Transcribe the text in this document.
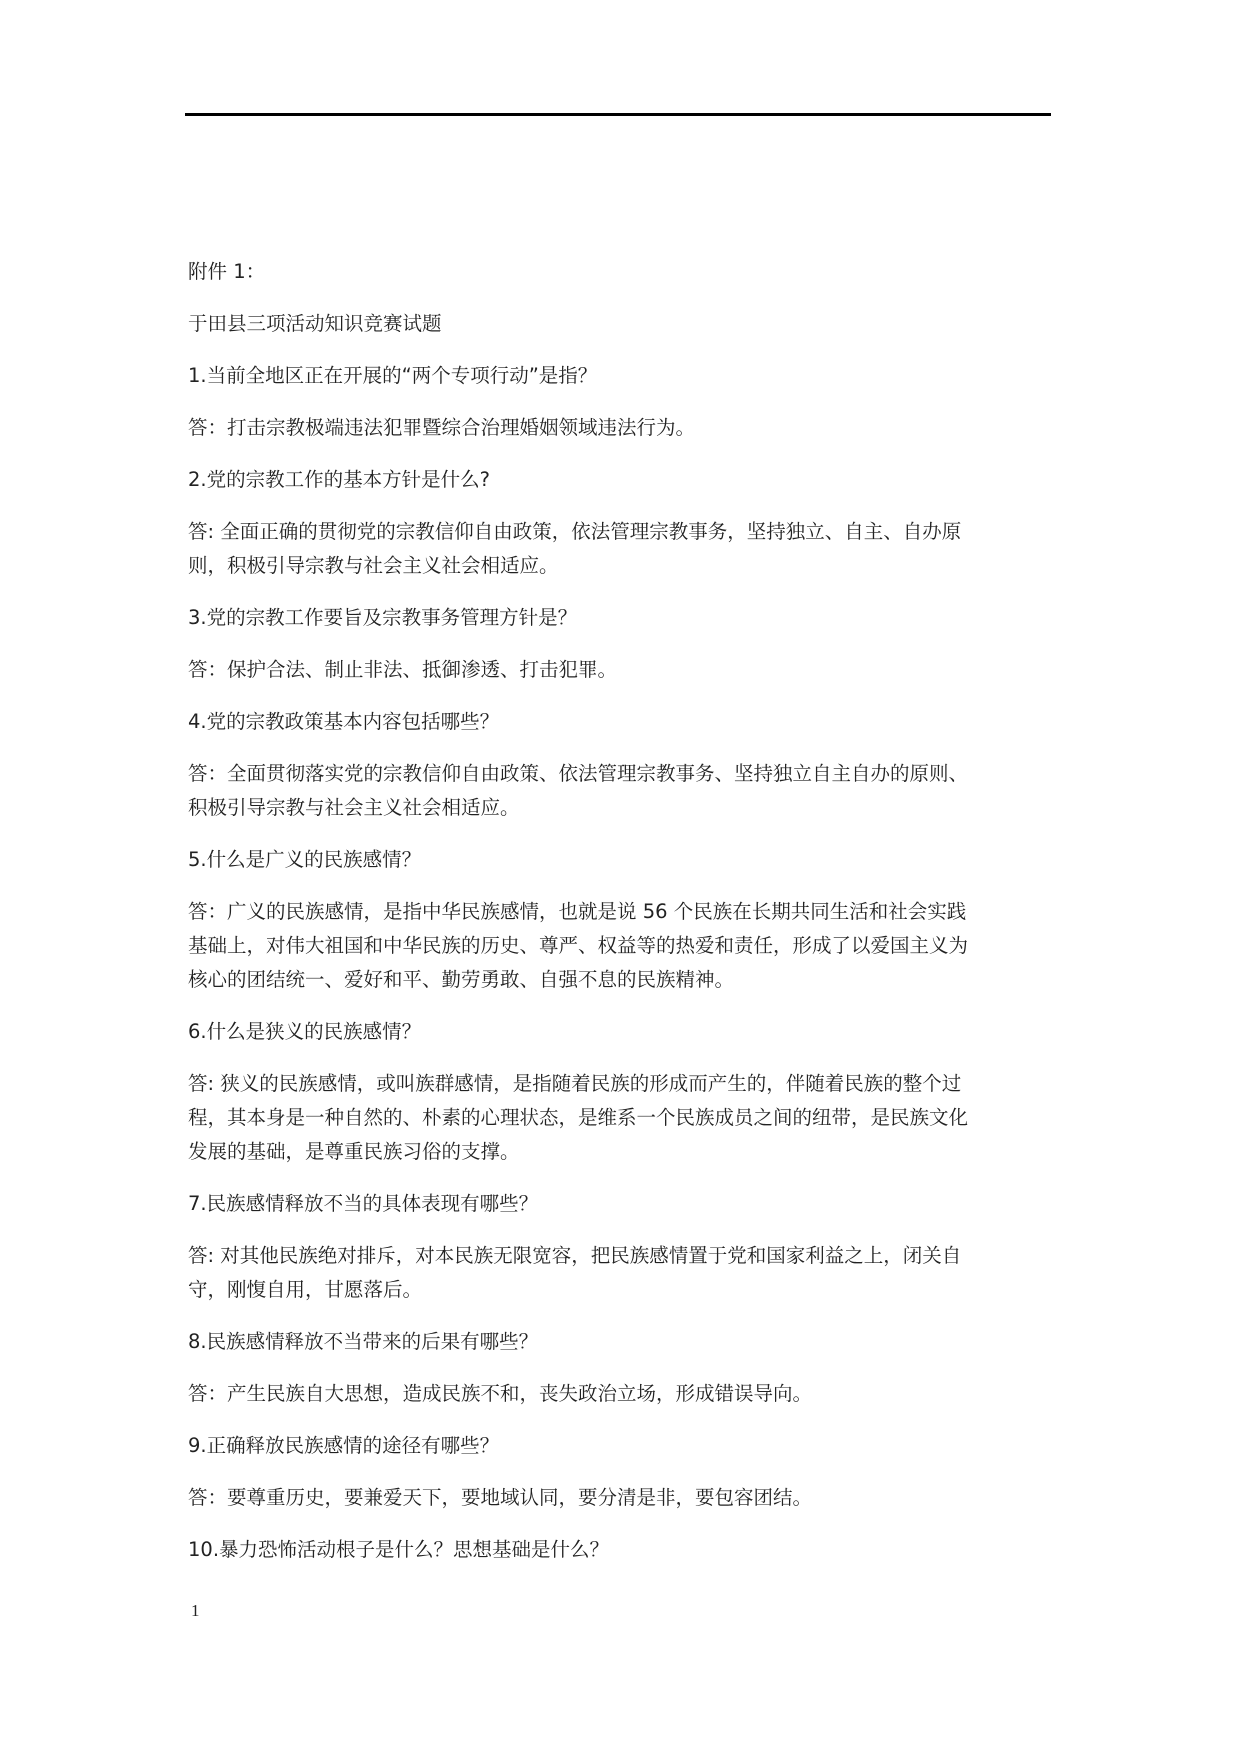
附件 1：
于田县三项活动知识竞赛试题

1.当前全地区正在开展的“两个专项行动”是指？

答：打击宗教极端违法犯罪暨综合治理婚姻领域违法行为。

2.党的宗教工作的基本方针是什么?

答: 全面正确的贯彻党的宗教信仰自由政策，依法管理宗教事务，坚持独立、自主、自办原

则，积极引导宗教与社会主义社会相适应。

3.党的宗教工作要旨及宗教事务管理方针是？

答：保护合法、制止非法、抵御渗透、打击犯罪。

4.党的宗教政策基本内容包括哪些？

答：全面贯彻落实党的宗教信仰自由政策、依法管理宗教事务、坚持独立自主自办的原则、

积极引导宗教与社会主义社会相适应。

5.什么是广义的民族感情？

答：广义的民族感情，是指中华民族感情，也就是说 56 个民族在长期共同生活和社会实践

基础上，对伟大祖国和中华民族的历史、尊严、权益等的热爱和责任，形成了以爱国主义为

核心的团结统一、爱好和平、勤劳勇敢、自强不息的民族精神。

6.什么是狭义的民族感情？

答: 狭义的民族感情，或叫族群感情，是指随着民族的形成而产生的，伴随着民族的整个过

程，其本身是一种自然的、朴素的心理状态，是维系一个民族成员之间的纽带，是民族文化

发展的基础，是尊重民族习俗的支撑。

7.民族感情释放不当的具体表现有哪些？

答: 对其他民族绝对排斥，对本民族无限宽容，把民族感情置于党和国家利益之上，闭关自

守，刚愎自用，甘愿落后。

8.民族感情释放不当带来的后果有哪些？

答：产生民族自大思想，造成民族不和，丧失政治立场，形成错误导向。

9.正确释放民族感情的途径有哪些？

答：要尊重历史，要兼爱天下，要地域认同，要分清是非，要包容团结。

10.暴力恐怖活动根子是什么？思想基础是什么？

1
